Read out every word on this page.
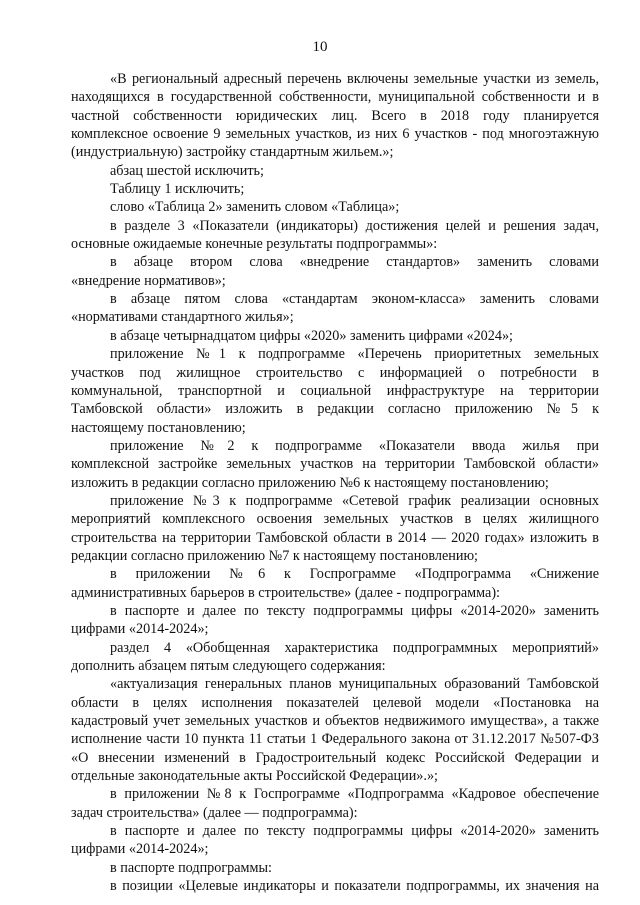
10

«В региональный адресный перечень включены земельные участки из земель,
находящихся в государственной собственности, муниципальной собственности и в
частной собственности юридических лиц. Всего в 2018 году планируется
комплексное освоение 9 земельных участков, из них 6 участков - под многоэтажную
(индустриальную) застройку стандартным жильем.»;

абзац шестой исключить;

Таблицу 1 исключить;

слово «Таблица 2» заменить словом «Таблица»;

в разделе 3 «Показатели (индикаторы) достижения целей и решения задач,
основные ожидаемые конечные результаты подпрограммы»:

в абзаце втором слова «внедрение стандартов» заменить словами
«внедрение нормативов»;

в абзаце пятом слова «стандартам эконом-класса» заменить словами
«нормативами стандартного жилья»;

в абзаце четырнадцатом цифры «2020» заменить цифрами «2024»;

приложение №1 к подпрограмме «Перечень приоритетных земельных
участков под жилищное строительство с информацией о потребности в
коммунальной, транспортной и социальной инфраструктуре на территории
Тамбовской области» изложить в редакции согласно приложению №5 к
настоящему постановлению;

приложение №2 к подпрограмме «Показатели ввода жилья при
комплексной застройке земельных участков на территории Тамбовской области»
изложить в редакции согласно приложению №6 к настоящему постановлению;

приложение №3 к подпрограмме «Сетевой график реализации основных
мероприятий комплексного освоения земельных участков в целях жилищного
строительства на территории Тамбовской области в 2014 — 2020 годах» изложить в
редакции согласно приложению №7 к настоящему постановлению;

в приложении №6 к Госпрограмме «Подпрограмма «Снижение
административных барьеров в строительстве» (далее - подпрограмма):

в паспорте и далее по тексту подпрограммы цифры «2014-2020» заменить
цифрами «2014-2024»;

раздел 4 «Обобщенная характеристика подпрограммных мероприятий»
дополнить абзацем пятым следующего содержания:

«актуализация генеральных планов муниципальных образований Тамбовской
области в целях исполнения показателей целевой модели «Постановка на
кадастровый учет земельных участков и объектов недвижимого имущества», а также
исполнение части 10 пункта 11 статьи 1 Федерального закона от 31.12.2017 №507-ФЗ
«О внесении изменений в Градостроительный кодекс Российской Федерации и
отдельные законодательные акты Российской Федерации».»;

в приложении №8 к Госпрограмме «Подпрограмма «Кадровое обеспечение
задач строительства» (далее — подпрограмма):

в паспорте и далее по тексту подпрограммы цифры «2014-2020» заменить
цифрами «2014-2024»;

в паспорте подпрограммы:

в позиции «Целевые индикаторы и показатели подпрограммы, их значения на
